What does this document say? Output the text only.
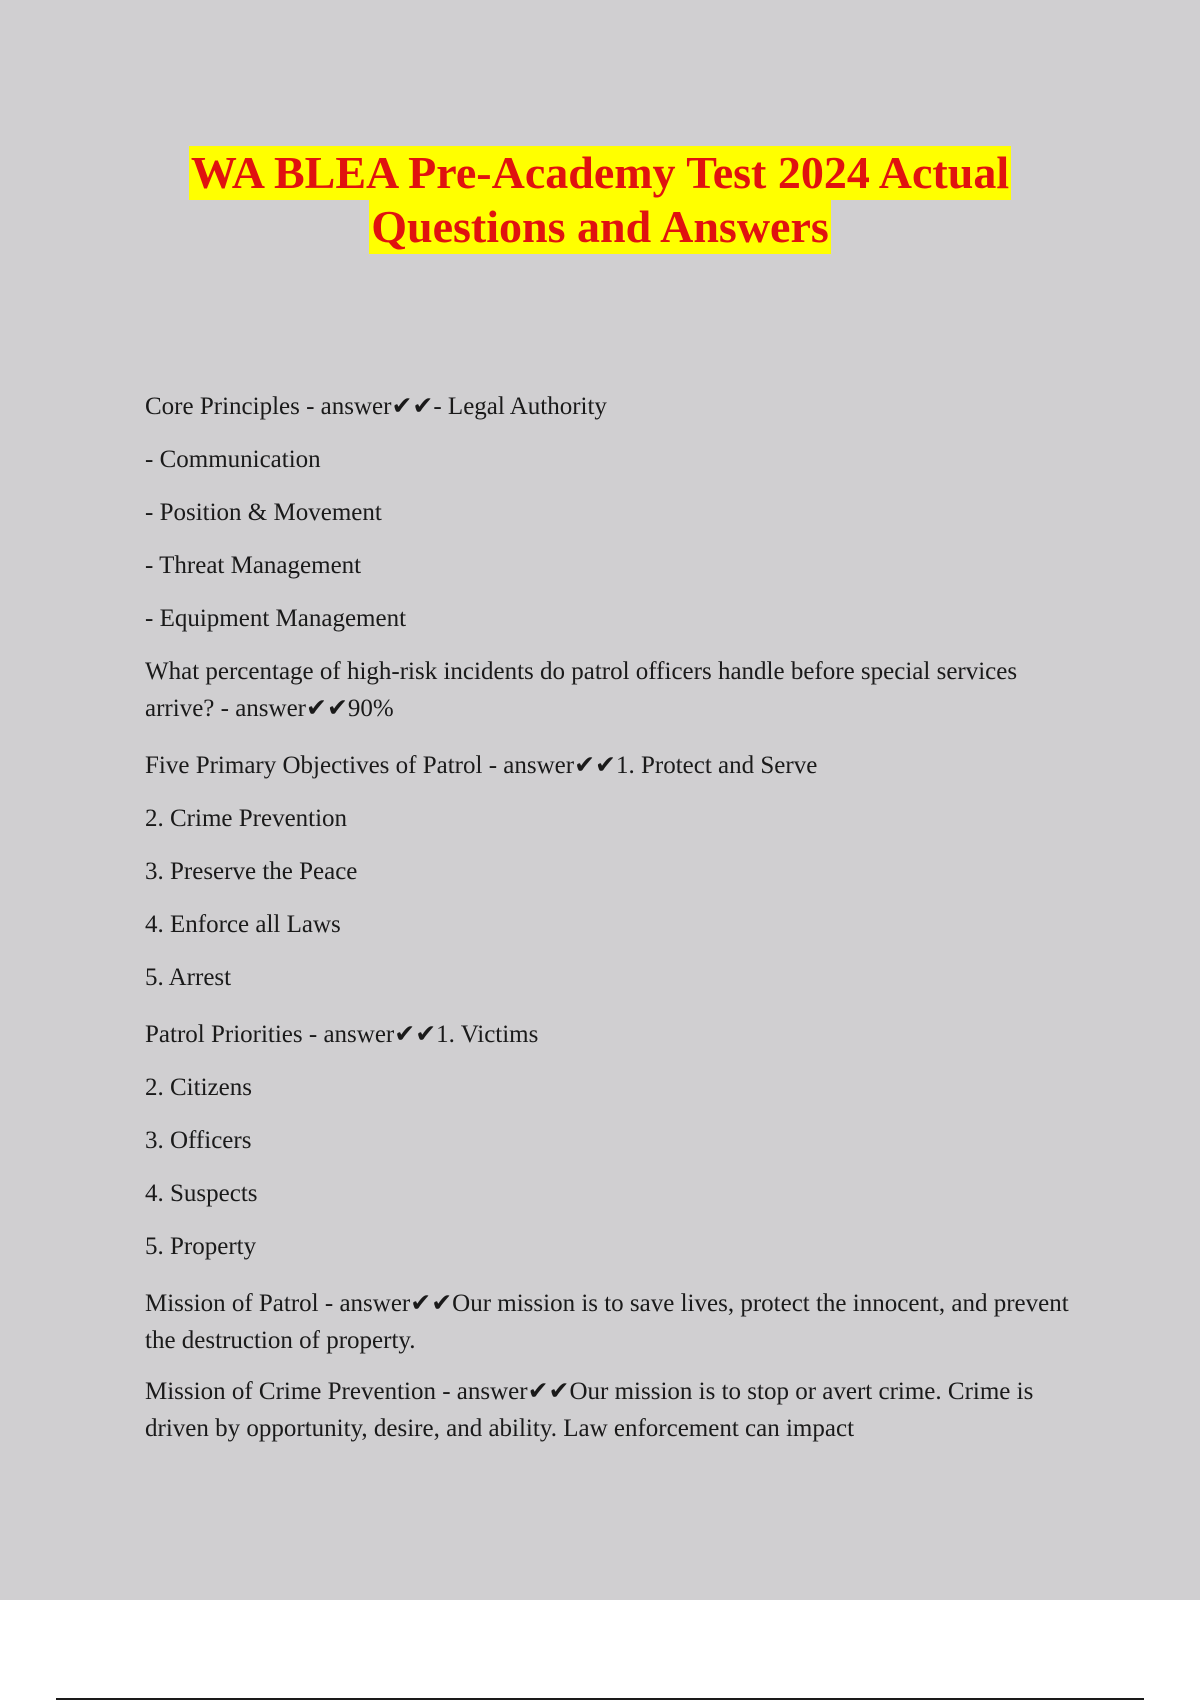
WA BLEA Pre-Academy Test 2024 Actual
Questions and Answers

Core Principles - answer✔✔- Legal Authority

- Communication

- Position & Movement

- Threat Management

- Equipment Management

What percentage of high-risk incidents do patrol officers handle before special services arrive? - answer✔✔90%

Five Primary Objectives of Patrol - answer✔✔1. Protect and Serve

2. Crime Prevention

3. Preserve the Peace

4. Enforce all Laws

5. Arrest

Patrol Priorities - answer✔✔1. Victims

2. Citizens

3. Officers

4. Suspects

5. Property

Mission of Patrol - answer✔✔Our mission is to save lives, protect the innocent, and prevent the destruction of property.

Mission of Crime Prevention - answer✔✔Our mission is to stop or avert crime. Crime is driven by opportunity, desire, and ability. Law enforcement can impact
